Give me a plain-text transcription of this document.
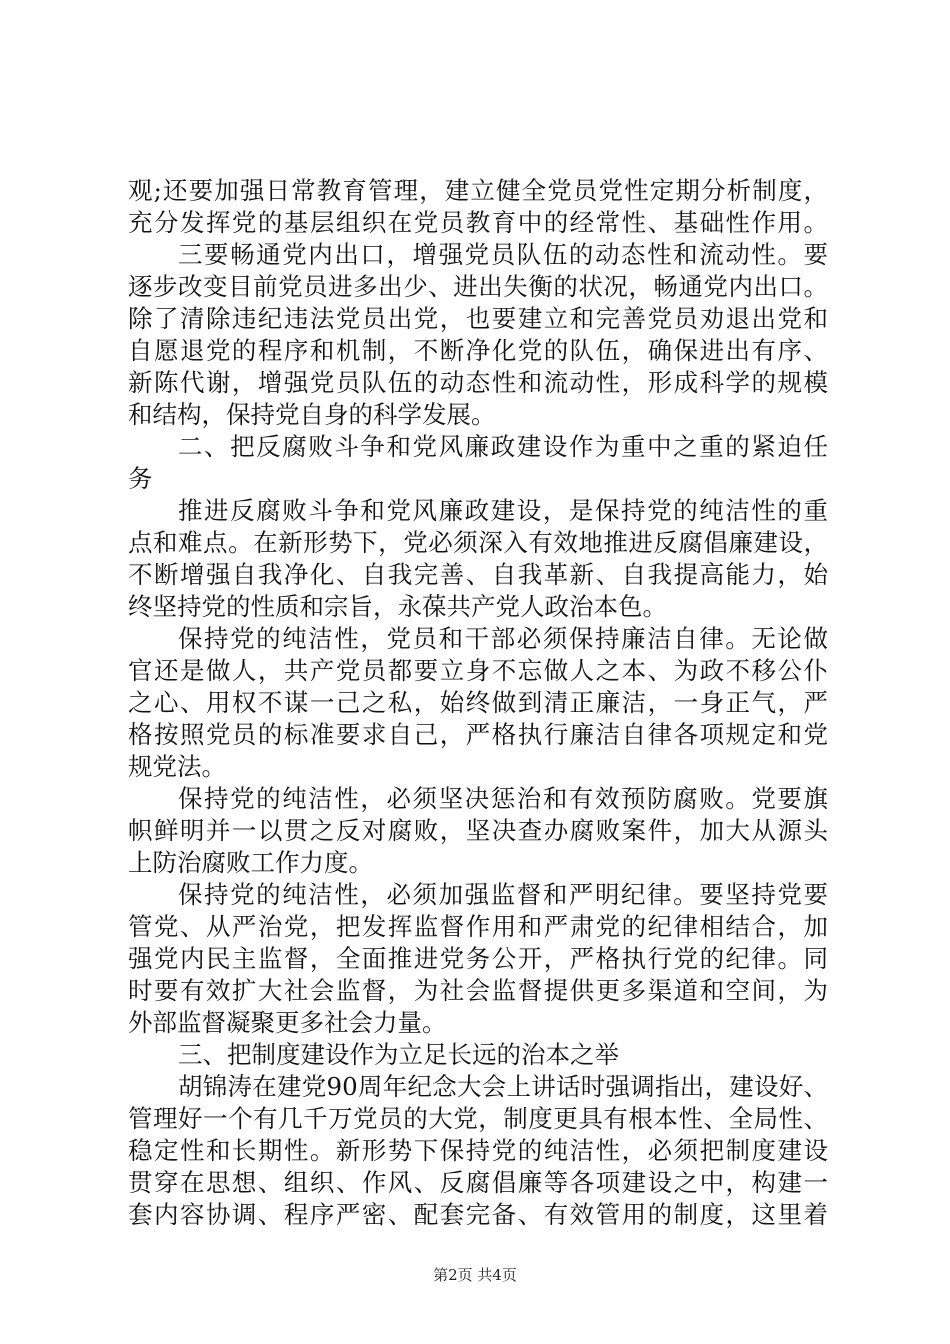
观;还要加强日常教育管理，建立健全党员党性定期分析制度，
充分发挥党的基层组织在党员教育中的经常性、基础性作用。
三要畅通党内出口，增强党员队伍的动态性和流动性。要
逐步改变目前党员进多出少、进出失衡的状况，畅通党内出口。
除了清除违纪违法党员出党，也要建立和完善党员劝退出党和
自愿退党的程序和机制，不断净化党的队伍，确保进出有序、
新陈代谢，增强党员队伍的动态性和流动性，形成科学的规模
和结构，保持党自身的科学发展。
二、把反腐败斗争和党风廉政建设作为重中之重的紧迫任
务
推进反腐败斗争和党风廉政建设，是保持党的纯洁性的重
点和难点。在新形势下，党必须深入有效地推进反腐倡廉建设，
不断增强自我净化、自我完善、自我革新、自我提高能力，始
终坚持党的性质和宗旨，永葆共产党人政治本色。
保持党的纯洁性，党员和干部必须保持廉洁自律。无论做
官还是做人，共产党员都要立身不忘做人之本、为政不移公仆
之心、用权不谋一己之私，始终做到清正廉洁，一身正气，严
格按照党员的标准要求自己，严格执行廉洁自律各项规定和党
规党法。
保持党的纯洁性，必须坚决惩治和有效预防腐败。党要旗
帜鲜明并一以贯之反对腐败，坚决查办腐败案件，加大从源头
上防治腐败工作力度。
保持党的纯洁性，必须加强监督和严明纪律。要坚持党要
管党、从严治党，把发挥监督作用和严肃党的纪律相结合，加
强党内民主监督，全面推进党务公开，严格执行党的纪律。同
时要有效扩大社会监督，为社会监督提供更多渠道和空间，为
外部监督凝聚更多社会力量。
三、把制度建设作为立足长远的治本之举
胡锦涛在建党90周年纪念大会上讲话时强调指出，建设好、
管理好一个有几千万党员的大党，制度更具有根本性、全局性、
稳定性和长期性。新形势下保持党的纯洁性，必须把制度建设
贯穿在思想、组织、作风、反腐倡廉等各项建设之中，构建一
套内容协调、程序严密、配套完备、有效管用的制度，这里着
第2页 共4页
